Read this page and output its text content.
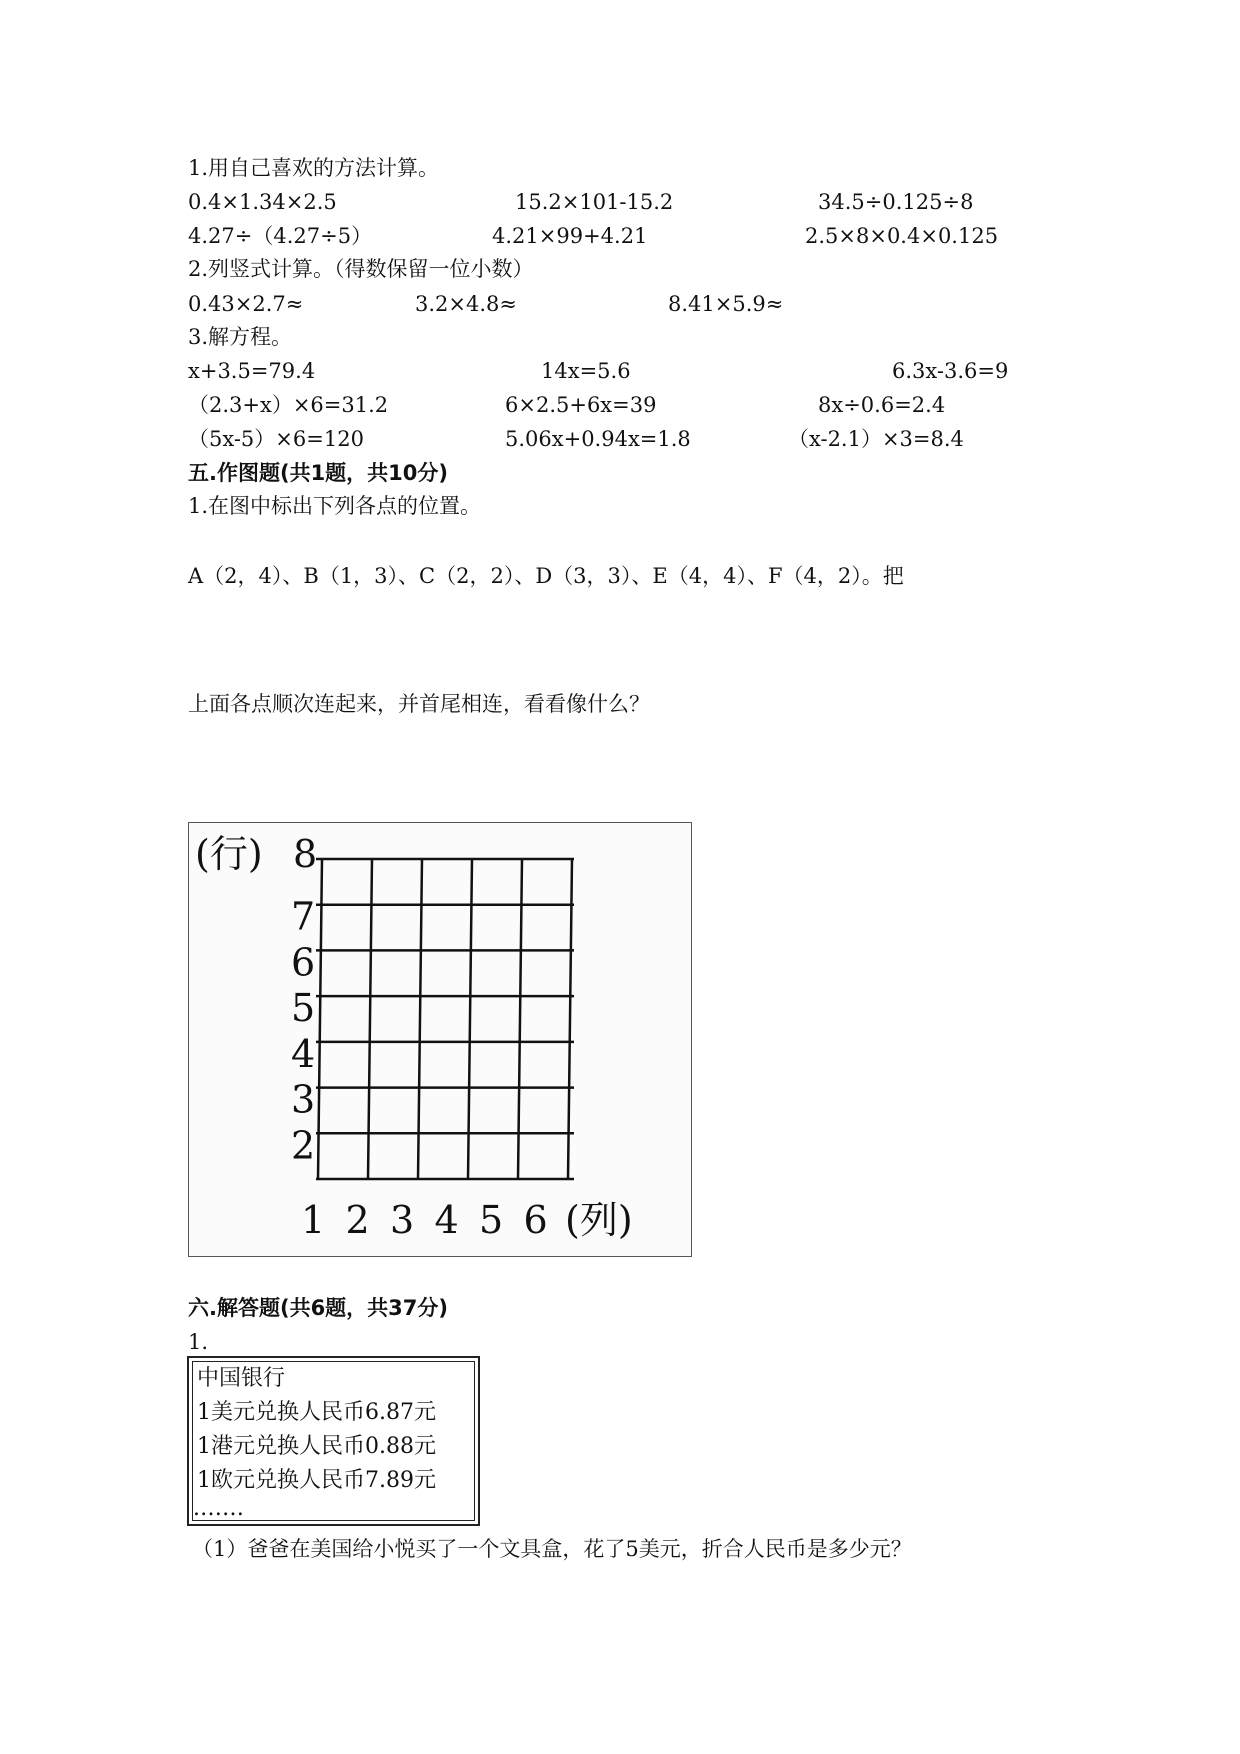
1.用自己喜欢的方法计算。
0.4×1.34×2.5	15.2×101-15.2	34.5÷0.125÷8
4.27÷（4.27÷5）	4.21×99+4.21	2.5×8×0.4×0.125
2.列竖式计算。（得数保留一位小数）
0.43×2.7≈	3.2×4.8≈	8.41×5.9≈
3.解方程。
x+3.5=79.4	14x=5.6	6.3x-3.6=9
（2.3+x）×6=31.2	6×2.5+6x=39	8x÷0.6=2.4
（5x-5）×6=120	5.06x+0.94x=1.8	（x-2.1）×3=8.4
五.作图题(共1题，共10分)
1.在图中标出下列各点的位置。
A（2，4）、B（1，3）、C（2，2）、D（3，3）、E（4，4）、F（4，2）。把
上面各点顺次连起来，并首尾相连，看看像什么？
(行)
(列)
8
7
6
5
4
3
2
1 2 3 4 5 6
六.解答题(共6题，共37分)
1.
中国银行
1美元兑换人民币6.87元
1港元兑换人民币0.88元
1欧元兑换人民币7.89元
.……
（1）爸爸在美国给小悦买了一个文具盒，花了5美元，折合人民币是多少元？
